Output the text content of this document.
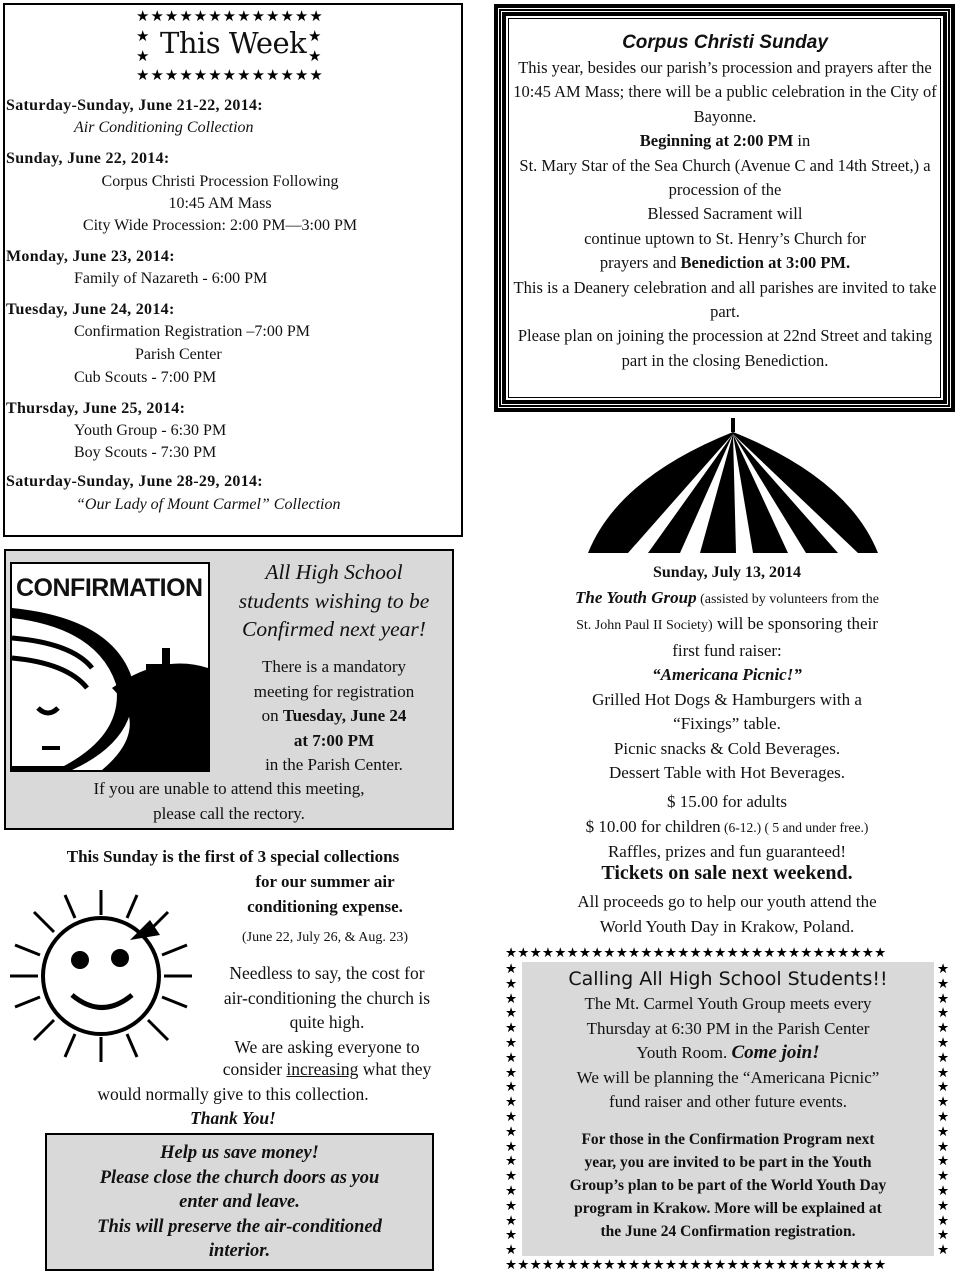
★★★★★★★★★★★★★
★
★
★
★
★★★★★★★★★★★★★
This Week
Saturday-Sunday, June 21-22, 2014:
Air Conditioning Collection
Sunday, June 22, 2014:
Corpus Christi Procession Following
10:45 AM Mass
City Wide Procession: 2:00 PM—3:00 PM
Monday, June 23, 2014:
Family of Nazareth - 6:00 PM
Tuesday, June 24, 2014:
Confirmation Registration –7:00 PM
Parish Center
Cub Scouts - 7:00 PM
Thursday, June 25, 2014:
Youth Group - 6:30 PM
Boy Scouts - 7:30 PM
Saturday-Sunday, June 28-29, 2014:
“Our Lady of Mount Carmel” Collection
Corpus Christi Sunday
This year, besides our parish’s procession and prayers after the 10:45 AM Mass; there will be a public celebration in the City of Bayonne.
Beginning at 2:00 PM in
St. Mary Star of the Sea Church (Avenue C and 14th Street,) a procession of the
Blessed Sacrament will
continue uptown to St. Henry’s Church for
prayers and Benediction at 3:00 PM.
This is a Deanery celebration and all parishes are invited to take part.
Please plan on joining the procession at 22nd Street and taking part in the closing Benediction.
CONFIRMATION
All High School
students wishing to be
Confirmed next year!
There is a mandatory
meeting for registration
on Tuesday, June 24
at 7:00 PM
in the Parish Center.
If you are unable to attend this meeting,
please call the rectory.
This Sunday is the first of 3 special collections
for our summer air
conditioning expense.
(June 22, July 26, & Aug. 23)
Needless to say, the cost for
air-conditioning the church is
quite high.
We are asking everyone to
consider increasing what they
would normally give to this collection.
Thank You!
Help us save money!
Please close the church doors as you
enter and leave.
This will preserve the air-conditioned
interior.
Sunday, July 13, 2014
The Youth Group (assisted by volunteers from the
St. John Paul II Society) will be sponsoring their
first fund raiser:
“Americana Picnic!”
Grilled Hot Dogs & Hamburgers with a
“Fixings” table.
Picnic snacks & Cold Beverages.
Dessert Table with Hot Beverages.
$ 15.00 for adults
$ 10.00 for children (6-12.) ( 5 and under free.)
Raffles, prizes and fun guaranteed!
Tickets on sale next weekend.
All proceeds go to help our youth attend the
World Youth Day in Krakow, Poland.
★★★★★★★★★★★★★★★★★★★★★★★★★★★★★★★
★★★★★★★★★★★★★★★★★★★★★★★★★★★★★★★
★ ★ ★ ★ ★ ★ ★ ★ ★ ★ ★ ★ ★ ★ ★ ★ ★ ★ ★ ★
★ ★ ★ ★ ★ ★ ★ ★ ★ ★ ★ ★ ★ ★ ★ ★ ★ ★ ★ ★
Calling All High School Students!!
The Mt. Carmel Youth Group meets every
Thursday at 6:30 PM in the Parish Center
Youth Room. Come join!
We will be planning the “Americana Picnic”
fund raiser and other future events.
For those in the Confirmation Program next
year, you are invited to be part in the Youth
Group’s plan to be part of the World Youth Day
program in Krakow. More will be explained at
the June 24 Confirmation registration.
